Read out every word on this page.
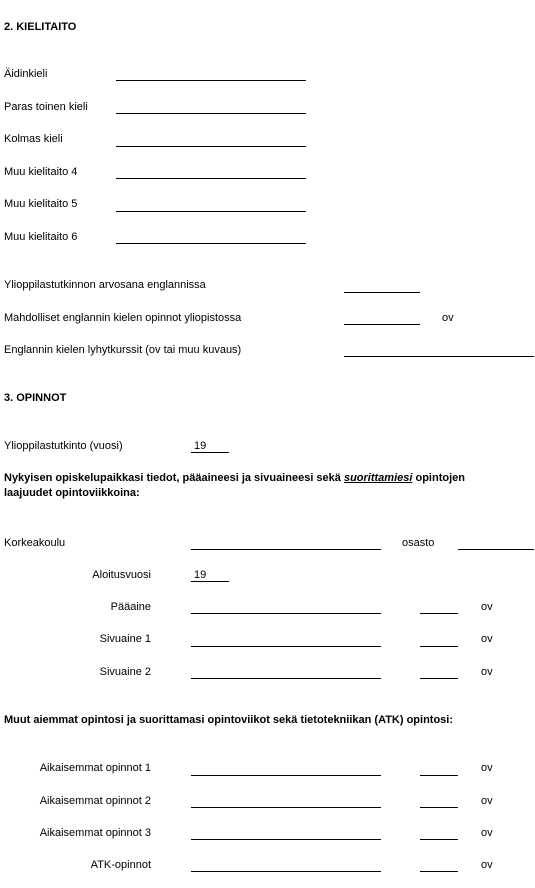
2. KIELITAITO
Äidinkieli
Paras toinen kieli
Kolmas kieli
Muu kielitaito 4
Muu kielitaito 5
Muu kielitaito 6
Ylioppilastutkinnon arvosana englannissa
Mahdolliset englannin kielen opinnot yliopistossa	ov
Englannin kielen lyhytkurssit (ov tai muu kuvaus)
3. OPINNOT
Ylioppilastutkinto (vuosi)	19
Nykyisen opiskelupaikkasi tiedot, pääaineesi ja sivuaineesi sekä suorittamiesi opintojen
laajuudet opintoviikkoina:
Korkeakoulu	osasto
Aloitusvuosi	19
Pääaine	ov
Sivuaine 1	ov
Sivuaine 2	ov
Muut aiemmat opintosi ja suorittamasi opintoviikot sekä tietotekniikan (ATK) opintosi:
Aikaisemmat opinnot 1	ov
Aikaisemmat opinnot 2	ov
Aikaisemmat opinnot 3	ov
ATK-opinnot	ov
